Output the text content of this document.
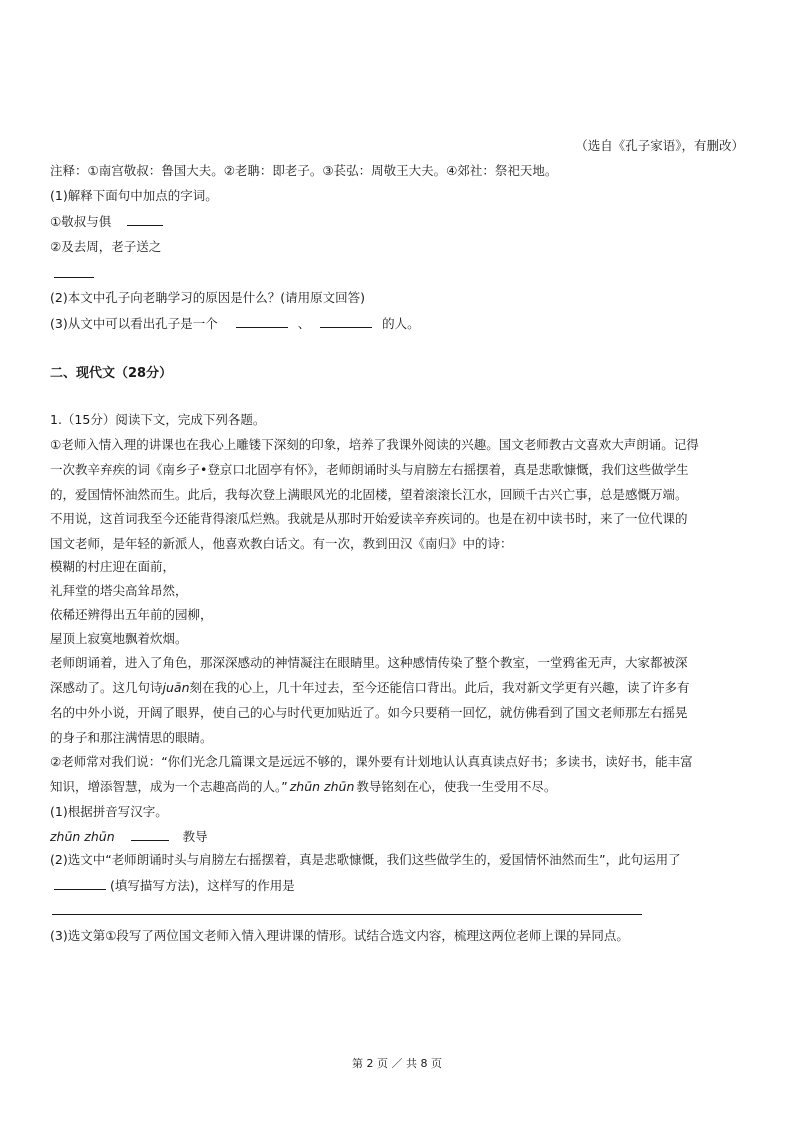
（选自《孔子家语》，有删改）

注释：①南宫敬叔：鲁国大夫。②老聃：即老子。③苌弘：周敬王大夫。④郊社：祭祀天地。

(1)解释下面句中加点的字词。

①敬叔与俱

②及去周，老子送之

(2)本文中孔子向老聃学习的原因是什么？(请用原文回答)

(3)从文中可以看出孔子是一个	、	的人。

二、现代文（28分）

1.（15分）阅读下文，完成下列各题。

①老师入情入理的讲课也在我心上雕镂下深刻的印象，培养了我课外阅读的兴趣。国文老师教古文喜欢大声朗诵。记得

一次教辛弃疾的词《南乡子•登京口北固亭有怀》，老师朗诵时头与肩膀左右摇摆着，真是悲歌慷慨，我们这些做学生

的，爱国情怀油然而生。此后，我每次登上满眼风光的北固楼，望着滚滚长江水，回顾千古兴亡事，总是感慨万端。

不用说，这首词我至今还能背得滚瓜烂熟。我就是从那时开始爱读辛弃疾词的。也是在初中读书时，来了一位代课的

国文老师，是年轻的新派人，他喜欢教白话文。有一次，教到田汉《南归》中的诗：

模糊的村庄迎在面前，

礼拜堂的塔尖高耸昂然，

依稀还辨得出五年前的园柳，

屋顶上寂寞地飘着炊烟。

老师朗诵着，进入了角色，那深深感动的神情凝注在眼睛里。这种感情传染了整个教室，一堂鸦雀无声，大家都被深

深感动了。这几句诗juān刻在我的心上，几十年过去，至今还能信口背出。此后，我对新文学更有兴趣，读了许多有

名的中外小说，开阔了眼界，使自己的心与时代更加贴近了。如今只要稍一回忆，就仿佛看到了国文老师那左右摇晃

的身子和那注满情思的眼睛。

②老师常对我们说：“你们光念几篇课文是远远不够的，课外要有计划地认认真真读点好书；多读书，读好书，能丰富

知识，增添智慧，成为一个志趣高尚的人。” zhūn zhūn 教导铭刻在心，使我一生受用不尽。

(1)根据拼音写汉字。

zhūn zhūn	教导

(2)选文中“老师朗诵时头与肩膀左右摇摆着，真是悲歌慷慨，我们这些做学生的，爱国情怀油然而生”，此句运用了

(填写描写方法)，这样写的作用是

(3)选文第①段写了两位国文老师入情入理讲课的情形。试结合选文内容，梳理这两位老师上课的异同点。

第 2 页 ／ 共 8 页
